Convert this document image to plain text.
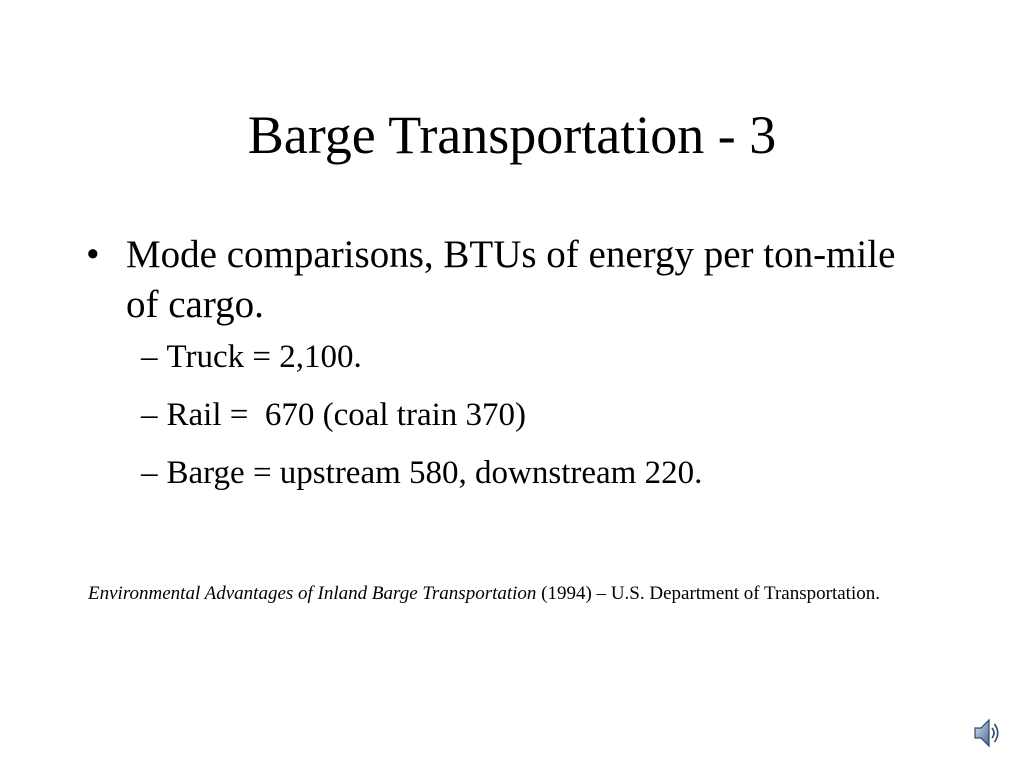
Barge Transportation - 3

• Mode comparisons, BTUs of energy per ton-mile of cargo.

– Truck = 2,100.
– Rail =  670 (coal train 370)
– Barge = upstream 580, downstream 220.
Environmental Advantages of Inland Barge Transportation (1994) – U.S. Department of Transportation.
